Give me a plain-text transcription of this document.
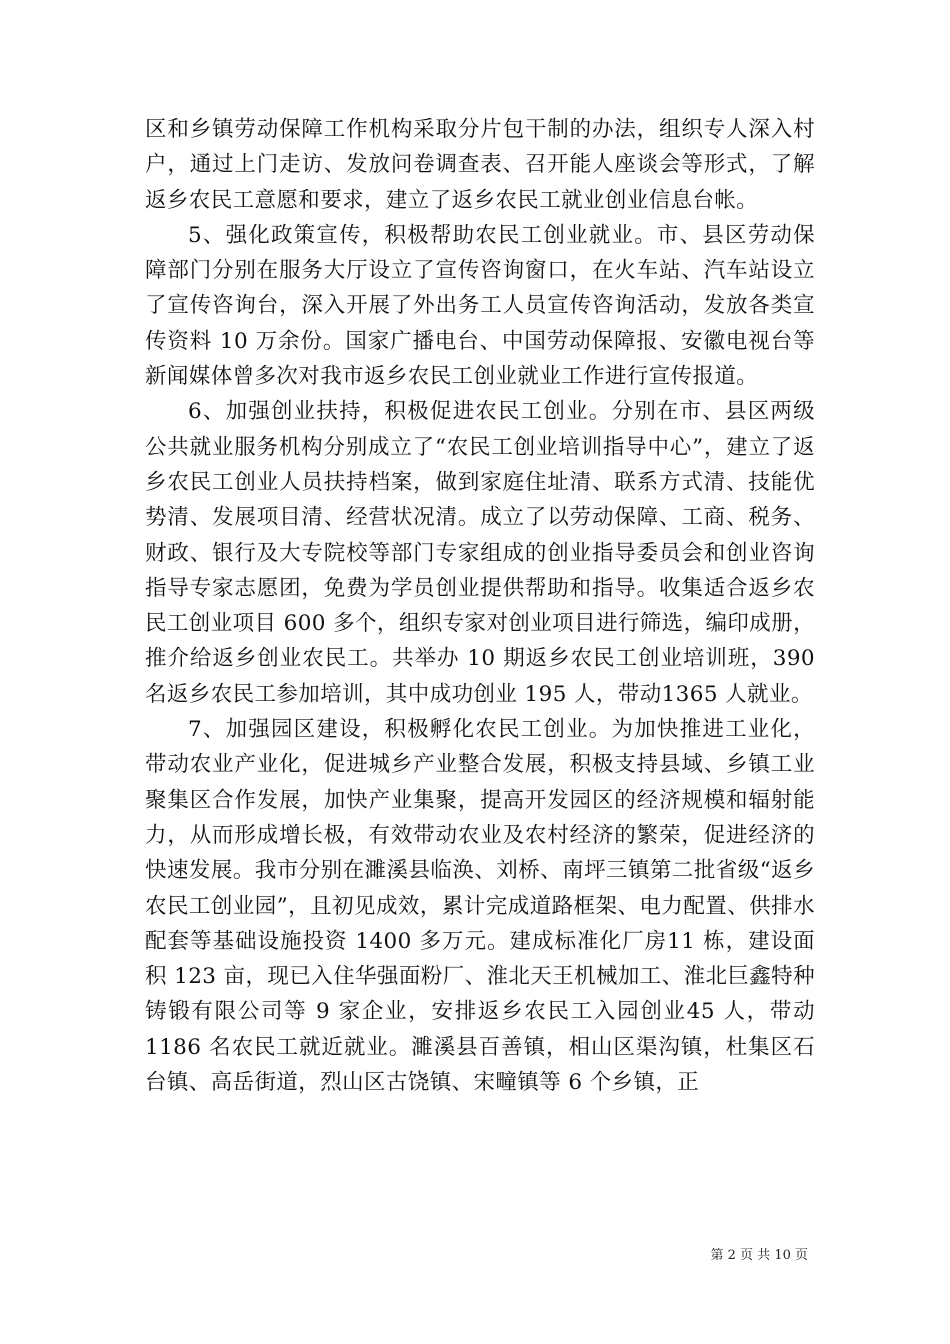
区和乡镇劳动保障工作机构采取分片包干制的办法，组织专人深入村户，通过上门走访、发放问卷调查表、召开能人座谈会等形式，了解返乡农民工意愿和要求，建立了返乡农民工就业创业信息台帐。

5、强化政策宣传，积极帮助农民工创业就业。市、县区劳动保障部门分别在服务大厅设立了宣传咨询窗口，在火车站、汽车站设立了宣传咨询台，深入开展了外出务工人员宣传咨询活动，发放各类宣传资料 10 万余份。国家广播电台、中国劳动保障报、安徽电视台等新闻媒体曾多次对我市返乡农民工创业就业工作进行宣传报道。

6、加强创业扶持，积极促进农民工创业。分别在市、县区两级公共就业服务机构分别成立了“农民工创业培训指导中心”，建立了返乡农民工创业人员扶持档案，做到家庭住址清、联系方式清、技能优势清、发展项目清、经营状况清。成立了以劳动保障、工商、税务、财政、银行及大专院校等部门专家组成的创业指导委员会和创业咨询指导专家志愿团，免费为学员创业提供帮助和指导。收集适合返乡农民工创业项目 600 多个，组织专家对创业项目进行筛选，编印成册，推介给返乡创业农民工。共举办 10 期返乡农民工创业培训班，390 名返乡农民工参加培训，其中成功创业 195 人，带动1365 人就业。

7、加强园区建设，积极孵化农民工创业。为加快推进工业化，带动农业产业化，促进城乡产业整合发展，积极支持县域、乡镇工业聚集区合作发展，加快产业集聚，提高开发园区的经济规模和辐射能力，从而形成增长极，有效带动农业及农村经济的繁荣，促进经济的快速发展。我市分别在濉溪县临涣、刘桥、南坪三镇第二批省级“返乡农民工创业园”，且初见成效，累计完成道路框架、电力配置、供排水配套等基础设施投资 1400 多万元。建成标准化厂房11 栋，建设面积 123 亩，现已入住华强面粉厂、淮北天王机械加工、淮北巨鑫特种铸锻有限公司等 9 家企业，安排返乡农民工入园创业45 人，带动 1186 名农民工就近就业。濉溪县百善镇，相山区渠沟镇，杜集区石台镇、高岳街道，烈山区古饶镇、宋疃镇等 6 个乡镇，正

第 2 页 共 10 页
